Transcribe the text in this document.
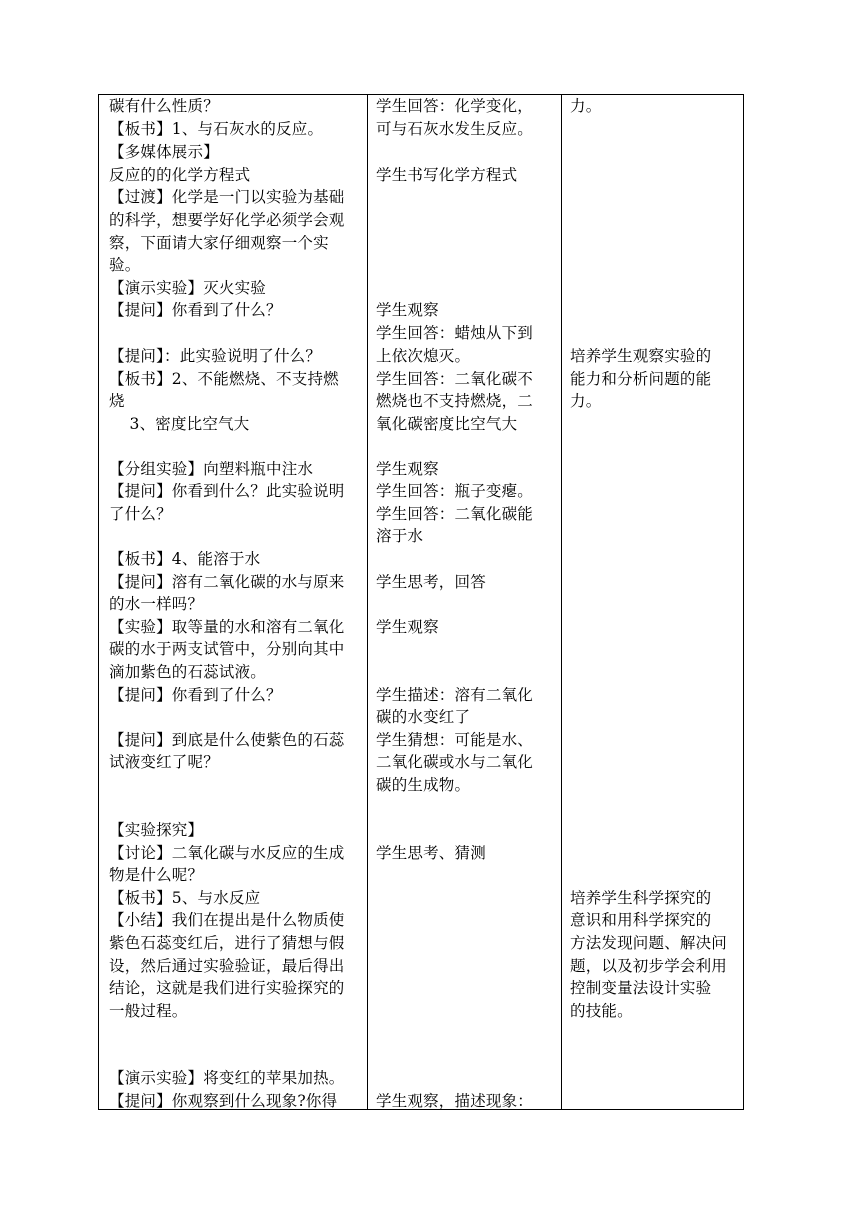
碳有什么性质？
【板书】1、与石灰水的反应。
【多媒体展示】
反应的的化学方程式
【过渡】化学是一门以实验为基础
的科学，想要学好化学必须学会观
察，下面请大家仔细观察一个实
验。
【演示实验】灭火实验
【提问】你看到了什么？
【提问】：此实验说明了什么？
【板书】2、不能燃烧、不支持燃
烧
3、密度比空气大
【分组实验】向塑料瓶中注水
【提问】你看到什么？此实验说明
了什么？
【板书】4、能溶于水
【提问】溶有二氧化碳的水与原来
的水一样吗？
【实验】取等量的水和溶有二氧化
碳的水于两支试管中，分别向其中
滴加紫色的石蕊试液。
【提问】你看到了什么？
【提问】到底是什么使紫色的石蕊
试液变红了呢？
【实验探究】
【讨论】二氧化碳与水反应的生成
物是什么呢？
【板书】5、与水反应
【小结】我们在提出是什么物质使
紫色石蕊变红后，进行了猜想与假
设，然后通过实验验证，最后得出
结论，这就是我们进行实验探究的
一般过程。
【演示实验】将变红的苹果加热。
【提问】你观察到什么现象?你得
学生回答：化学变化，
可与石灰水发生反应。
学生书写化学方程式
学生观察
学生回答：蜡烛从下到
上依次熄灭。
学生回答：二氧化碳不
燃烧也不支持燃烧，二
氧化碳密度比空气大
学生观察
学生回答：瓶子变瘪。
学生回答：二氧化碳能
溶于水
学生思考，回答
学生观察
学生描述：溶有二氧化
碳的水变红了
学生猜想：可能是水、
二氧化碳或水与二氧化
碳的生成物。
学生思考、猜测
学生观察，描述现象：
力。
培养学生观察实验的
能力和分析问题的能
力。
培养学生科学探究的
意识和用科学探究的
方法发现问题、解决问
题，以及初步学会利用
控制变量法设计实验
的技能。
